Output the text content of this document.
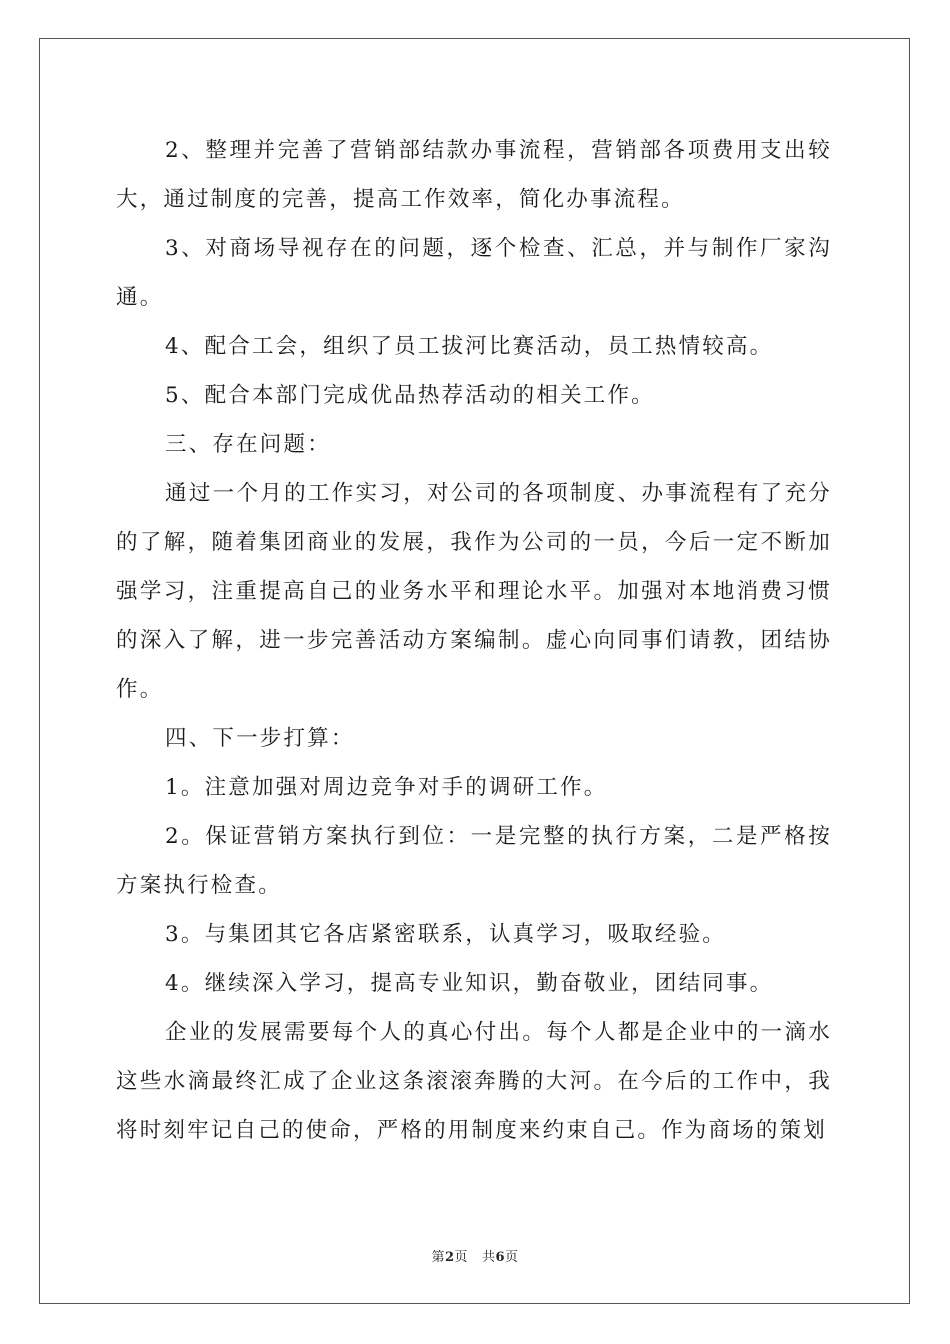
2、整理并完善了营销部结款办事流程，营销部各项费用支出较大，通过制度的完善，提高工作效率，简化办事流程。

3、对商场导视存在的问题，逐个检查、汇总，并与制作厂家沟通。

4、配合工会，组织了员工拔河比赛活动，员工热情较高。

5、配合本部门完成优品热荐活动的相关工作。

三、存在问题：

通过一个月的工作实习，对公司的各项制度、办事流程有了充分的了解，随着集团商业的发展，我作为公司的一员，今后一定不断加强学习，注重提高自己的业务水平和理论水平。加强对本地消费习惯的深入了解，进一步完善活动方案编制。虚心向同事们请教，团结协作。

四、下一步打算：

1。注意加强对周边竞争对手的调研工作。

2。保证营销方案执行到位：一是完整的执行方案，二是严格按方案执行检查。

3。与集团其它各店紧密联系，认真学习，吸取经验。

4。继续深入学习，提高专业知识，勤奋敬业，团结同事。

企业的发展需要每个人的真心付出。每个人都是企业中的一滴水这些水滴最终汇成了企业这条滚滚奔腾的大河。在今后的工作中，我将时刻牢记自己的使命，严格的用制度来约束自己。作为商场的策划

第2页 共6页
